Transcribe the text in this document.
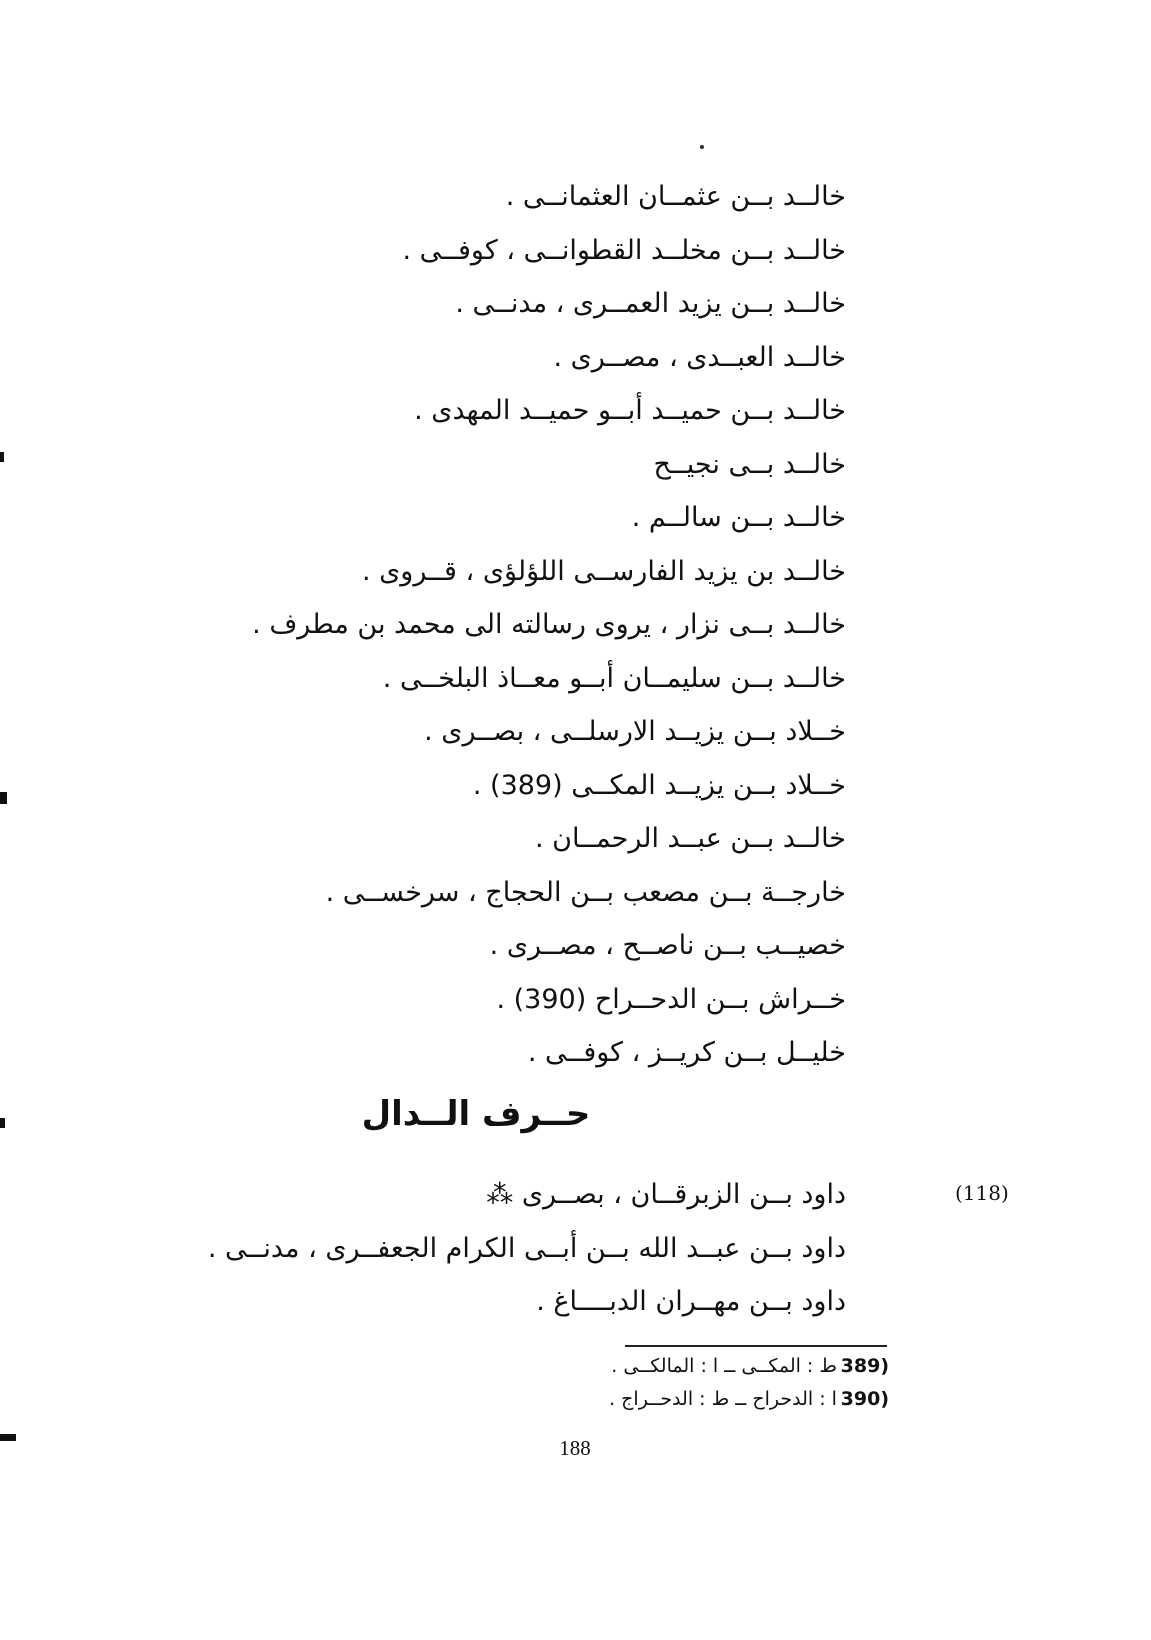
خالــد بــن عثمــان العثمانــى .
خالــد بــن مخلــد القطوانــى ، كوفــى .
خالــد بــن يزيد العمــرى ، مدنــى .
خالــد العبــدى ، مصــرى .
خالــد بــن حميــد أبــو حميــد المهدى .
خالــد بــى نجيــح
خالــد بــن سالــم .
خالــد بن يزيد الفارســى اللؤلؤى ، قــروى .
خالــد بــى نزار ، يروى رسالته الى محمد بن مطرف .
خالــد بــن سليمــان أبــو معــاذ البلخــى .
خــلاد بــن يزيــد الارسلــى ، بصــرى .
خــلاد بــن يزيــد المكــى (389) .
خالــد بــن عبــد الرحمــان .
خارجــة بــن مصعب بــن الحجاج ، سرخســى .
خصيــب بــن ناصــح ، مصــرى .
خــراش بــن الدحــراح (390) .
خليــل بــن كريــز ، كوفــى .
حــرف الــدال
داود بــن الزبرقــان ، بصــرى ⁂
داود بــن عبــد الله بــن أبــى الكرام الجعفــرى ، مدنــى .
داود بــن مهــران الدبــــاغ .
(118)
(389 ط : المكــى ــ ا : المالكــى .
(390 ا : الدحراح ــ ط : الدحــراج .
188
